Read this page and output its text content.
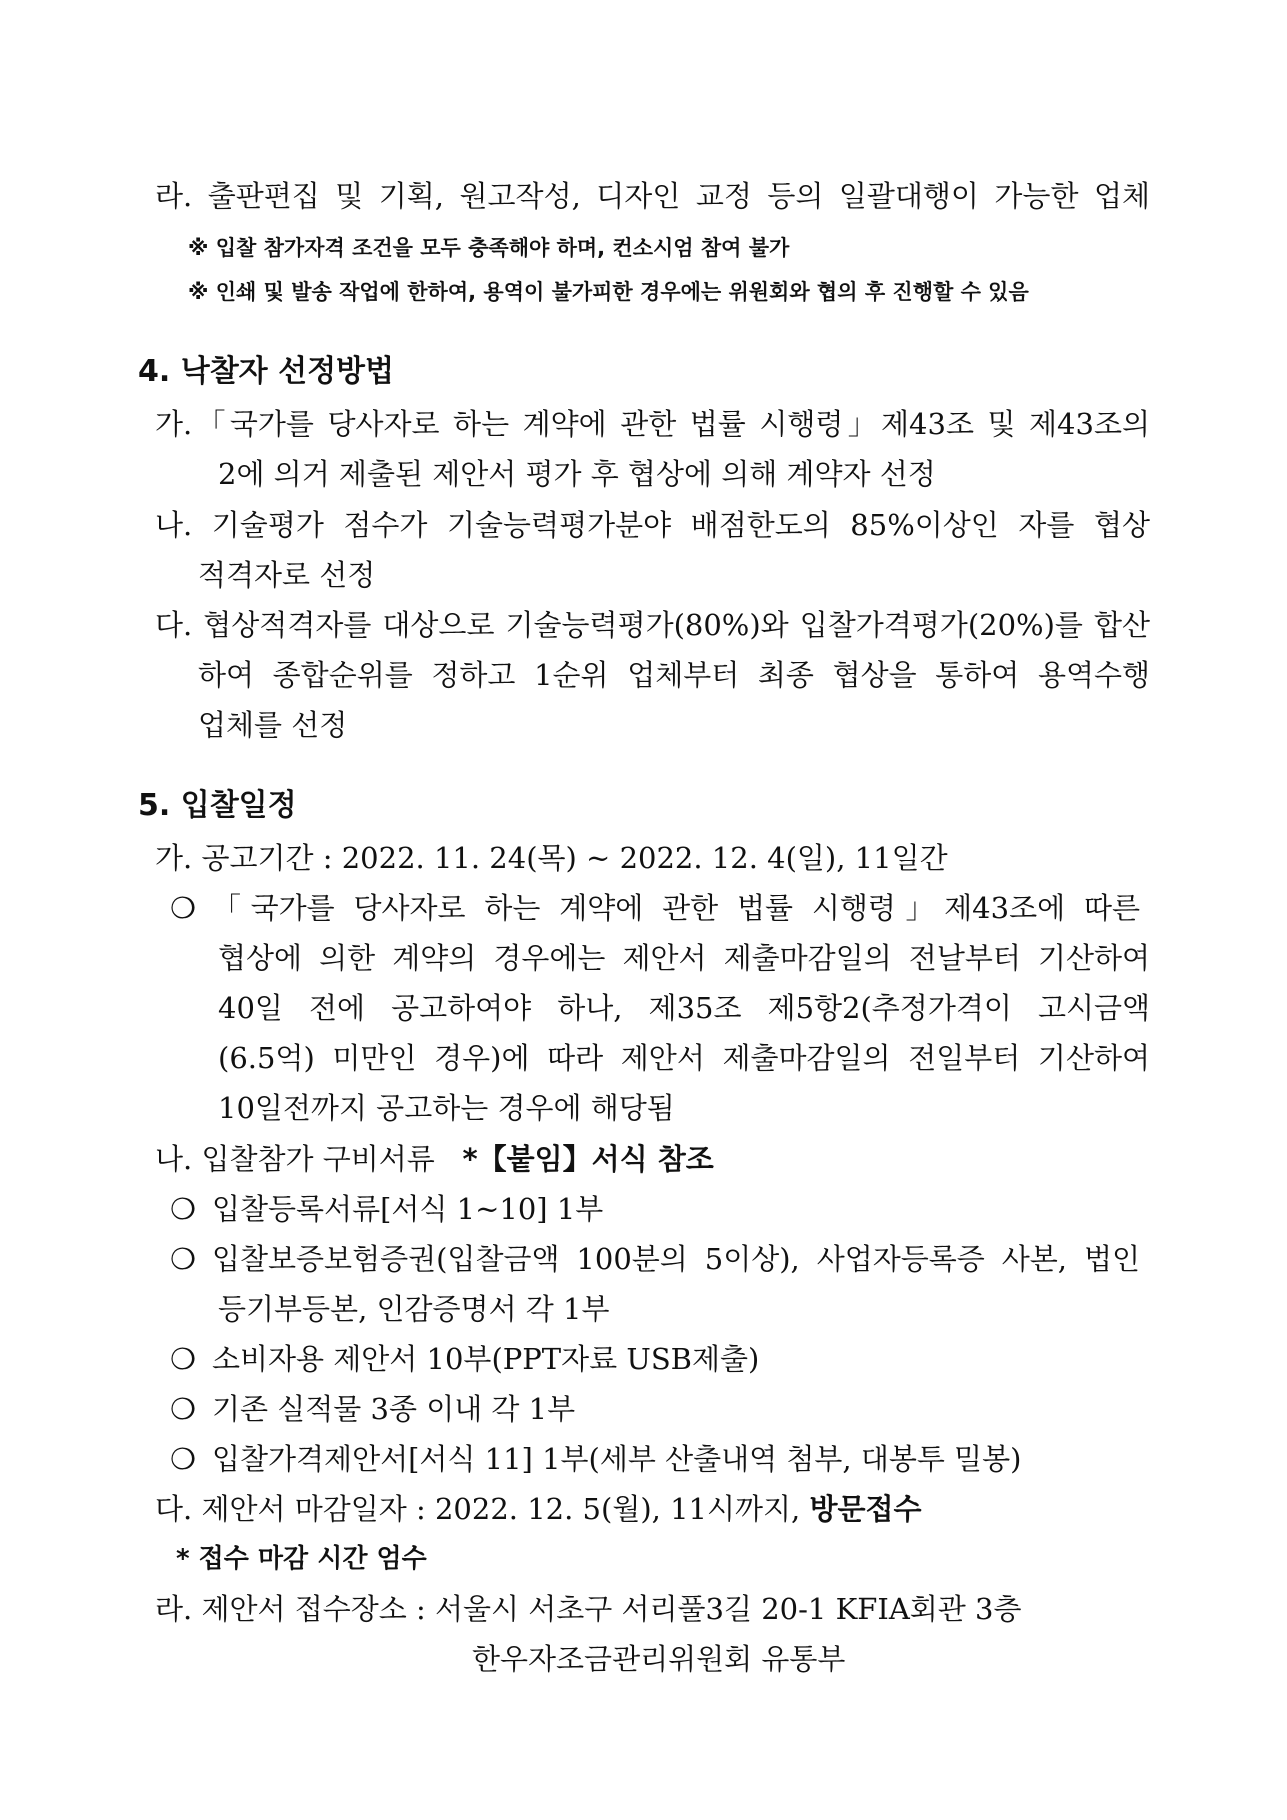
라. 출판편집 및 기획, 원고작성, 디자인 교정 등의 일괄대행이 가능한 업체
※ 입찰 참가자격 조건을 모두 충족해야 하며, 컨소시엄 참여 불가
※ 인쇄 및 발송 작업에 한하여, 용역이 불가피한 경우에는 위원회와 협의 후 진행할 수 있음
4. 낙찰자 선정방법
가.「국가를 당사자로 하는 계약에 관한 법률 시행령」제43조 및 제43조의
2에 의거 제출된 제안서 평가 후 협상에 의해 계약자 선정
나. 기술평가 점수가 기술능력평가분야 배점한도의 85%이상인 자를 협상
적격자로 선정
다. 협상적격자를 대상으로 기술능력평가(80%)와 입찰가격평가(20%)를 합산
하여 종합순위를 정하고 1순위 업체부터 최종 협상을 통하여 용역수행
업체를 선정
5. 입찰일정
가. 공고기간 : 2022. 11. 24(목) ~ 2022. 12. 4(일), 11일간
❍ 「국가를 당사자로 하는 계약에 관한 법률 시행령」제43조에 따른
협상에 의한 계약의 경우에는 제안서 제출마감일의 전날부터 기산하여
40일 전에 공고하여야 하나, 제35조 제5항2(추정가격이 고시금액
(6.5억) 미만인 경우)에 따라 제안서 제출마감일의 전일부터 기산하여
10일전까지 공고하는 경우에 해당됨
나. 입찰참가 구비서류 *【붙임】서식 참조
❍ 입찰등록서류[서식 1~10] 1부
❍ 입찰보증보험증권(입찰금액 100분의 5이상), 사업자등록증 사본, 법인
등기부등본, 인감증명서 각 1부
❍ 소비자용 제안서 10부(PPT자료 USB제출)
❍ 기존 실적물 3종 이내 각 1부
❍ 입찰가격제안서[서식 11] 1부(세부 산출내역 첨부, 대봉투 밀봉)
다. 제안서 마감일자 : 2022. 12. 5(월), 11시까지, 방문접수
* 접수 마감 시간 엄수
라. 제안서 접수장소 : 서울시 서초구 서리풀3길 20-1 KFIA회관 3층
한우자조금관리위원회 유통부
